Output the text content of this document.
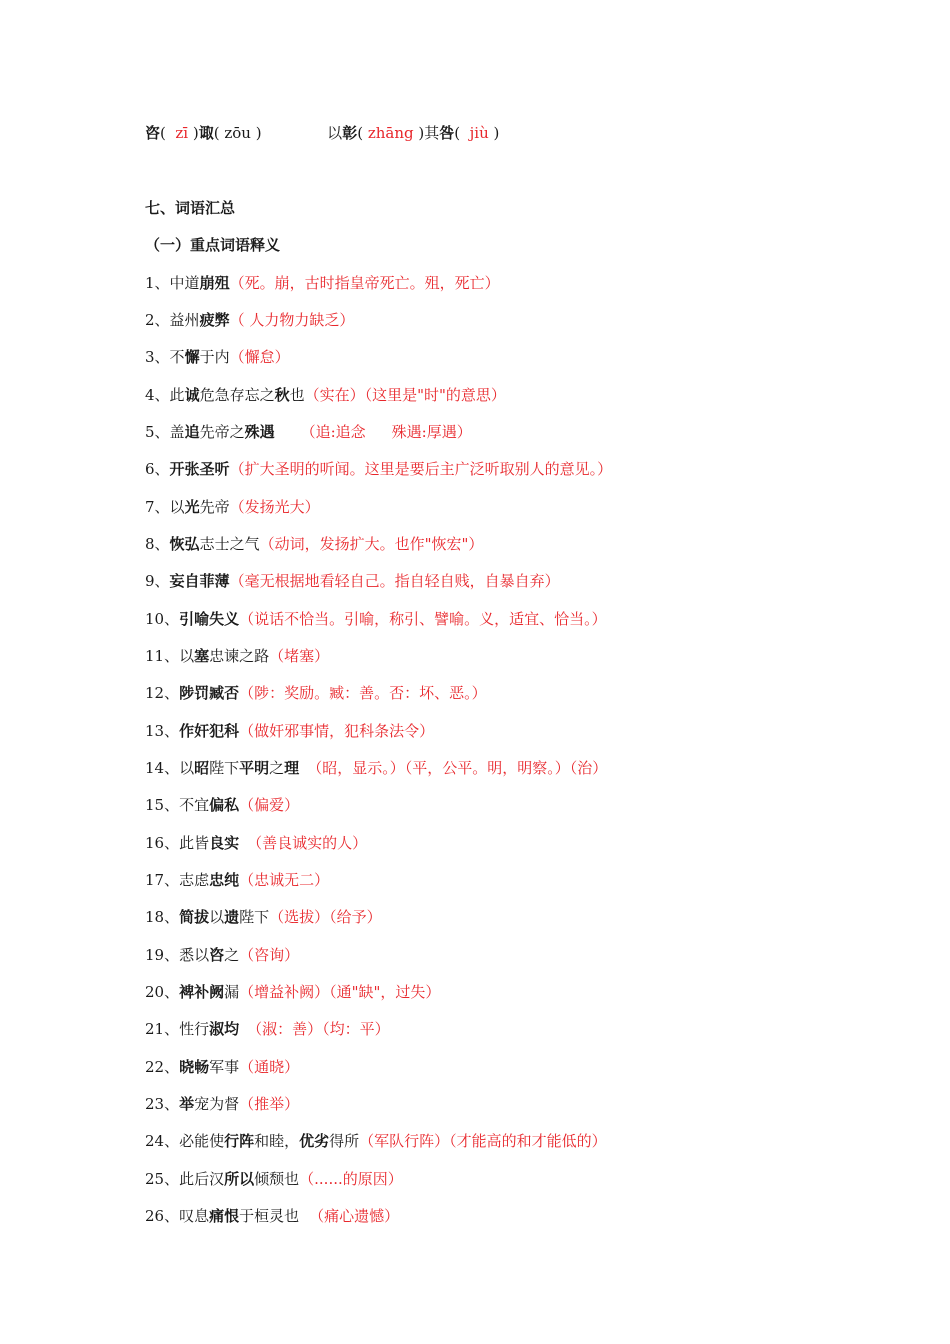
咨(  zī )诹( zōu )	以彰( zhāng )其咎(  jiù )
七、词语汇总
（一）重点词语释义
1、中道崩殂（死。崩，古时指皇帝死亡。殂，死亡）
2、益州疲弊（ 人力物力缺乏）
3、不懈于内（懈怠）
4、此诚危急存忘之秋也（实在）（这里是"时"的意思）
5、盖追先帝之殊遇 （追:追念 殊遇:厚遇）
6、开张圣听（扩大圣明的听闻。这里是要后主广泛听取别人的意见。）
7、以光先帝（发扬光大）
8、恢弘志士之气（动词，发扬扩大。也作"恢宏"）
9、妄自菲薄（毫无根据地看轻自己。指自轻自贱，自暴自弃）
10、引喻失义（说话不恰当。引喻，称引、譬喻。义，适宜、恰当。）
11、以塞忠谏之路（堵塞）
12、陟罚臧否（陟：奖励。臧：善。否：坏、恶。）
13、作奸犯科（做奸邪事情，犯科条法令）
14、以昭陛下平明之理 （昭，显示。）（平，公平。明，明察。）（治）
15、不宜偏私（偏爱）
16、此皆良实 （善良诚实的人）
17、志虑忠纯（忠诚无二）
18、简拔以遗陛下（选拔）（给予）
19、悉以咨之（咨询）
20、裨补阙漏（增益补阙）（通"缺"，过失）
21、性行淑均 （淑：善）（均：平）
22、晓畅军事（通晓）
23、举宠为督（推举）
24、必能使行阵和睦，优劣得所（军队行阵）（才能高的和才能低的）
25、此后汉所以倾颓也（......的原因）
26、叹息痛恨于桓灵也 （痛心遗憾）
